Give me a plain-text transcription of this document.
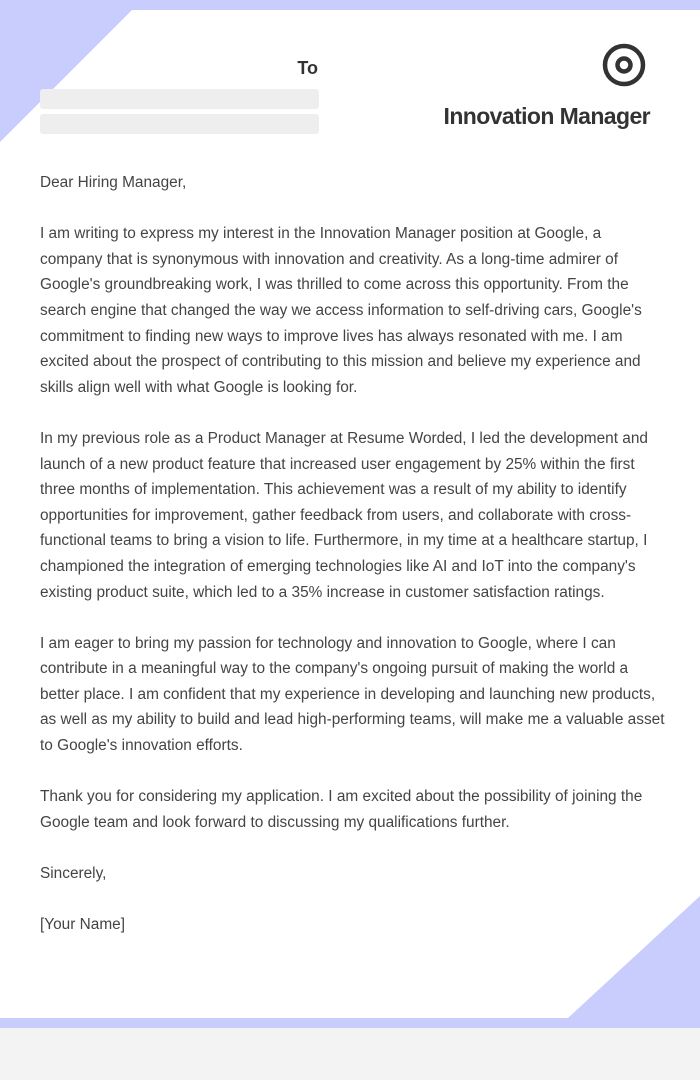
To
Innovation Manager

Dear Hiring Manager,

I am writing to express my interest in the Innovation Manager position at Google, a company that is synonymous with innovation and creativity. As a long-time admirer of Google's groundbreaking work, I was thrilled to come across this opportunity. From the search engine that changed the way we access information to self-driving cars, Google's commitment to finding new ways to improve lives has always resonated with me. I am excited about the prospect of contributing to this mission and believe my experience and skills align well with what Google is looking for.

In my previous role as a Product Manager at Resume Worded, I led the development and launch of a new product feature that increased user engagement by 25% within the first three months of implementation. This achievement was a result of my ability to identify opportunities for improvement, gather feedback from users, and collaborate with cross-functional teams to bring a vision to life. Furthermore, in my time at a healthcare startup, I championed the integration of emerging technologies like AI and IoT into the company's existing product suite, which led to a 35% increase in customer satisfaction ratings.

I am eager to bring my passion for technology and innovation to Google, where I can contribute in a meaningful way to the company's ongoing pursuit of making the world a better place. I am confident that my experience in developing and launching new products, as well as my ability to build and lead high-performing teams, will make me a valuable asset to Google's innovation efforts.

Thank you for considering my application. I am excited about the possibility of joining the Google team and look forward to discussing my qualifications further.

Sincerely,

[Your Name]
